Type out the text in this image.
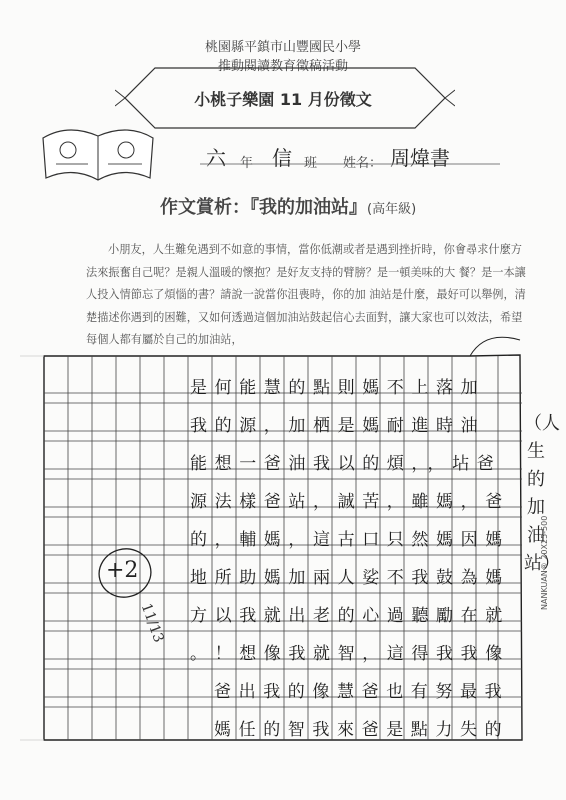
桃園縣平鎮市山豐國民小學
推動閱讀教育徵稿活動
小桃子樂園 11 月份徵文
六 年 信 班 姓名： 周煒書
作文賞析：『我的加油站』(高年級)
小朋友，人生難免遇到不如意的事情，當你低潮或者是遇到挫折時，你會尋求什麼方法來振奮自己呢？是親人溫暖的懷抱？是好友支持的臂膀？是一頓美味的大 餐？是一本讓人投入情節忘了煩惱的書？請說一說當你沮喪時，你的加 油站是什麼，最好可以舉例，清楚描述你遇到的困難，又如何透過這個加油站鼓起信心去面對，讓大家也可以效法，希望每個人都有屬於自己的加油站，
是何能慧的點則媽不上落加
我的源，加栖是媽耐進時油
能想一爸油我以的煩，，坫爸
源法樣爸站，誠苦，雖媽，爸
的，輔媽，這古口只然媽因媽
地所助媽加兩人娑不我鼓為媽
方以我就出老的心過聽勵在就
。！想像我就智，這得我我像
爸出我的像慧爸也有努最我
媽任的智我來爸是點力失的
（人生的加油站）
+2
11/13
NANKUAN® 20X25-500
